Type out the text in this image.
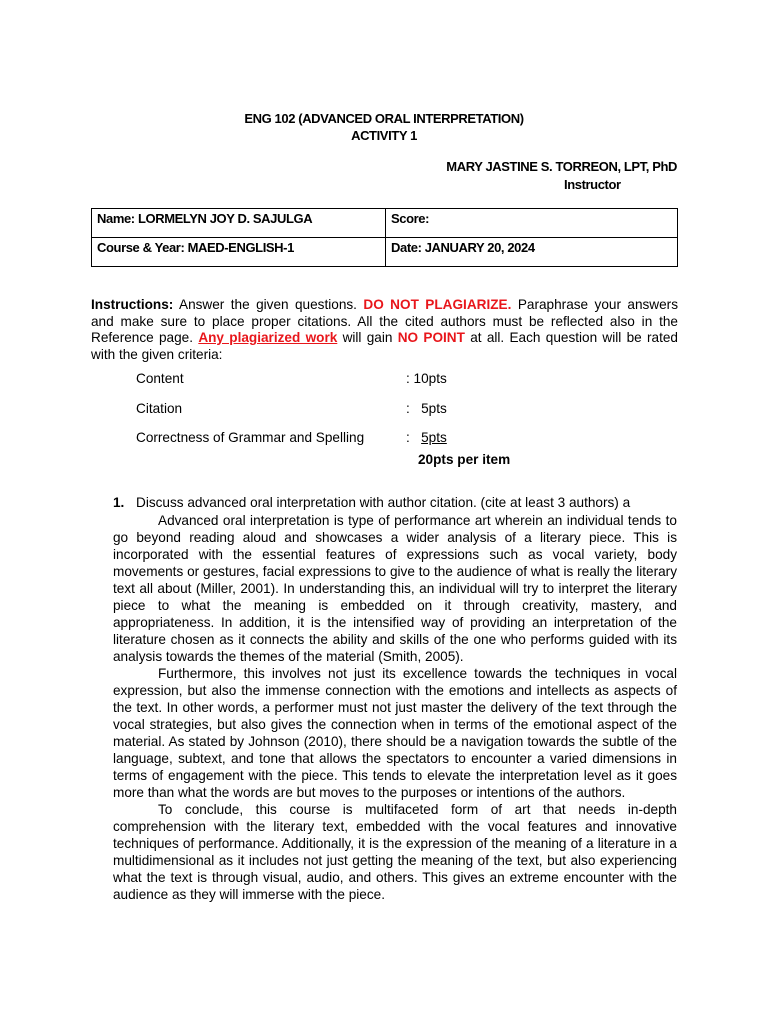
ENG 102 (ADVANCED ORAL INTERPRETATION)
ACTIVITY 1
MARY JASTINE S. TORREON, LPT, PhD
Instructor
Name: LORMELYN JOY D. SAJULGA	Score:
Course & Year: MAED-ENGLISH-1	Date: JANUARY 20, 2024
Instructions: Answer the given questions. DO NOT PLAGIARIZE. Paraphrase your answers and make sure to place proper citations. All the cited authors must be reflected also in the Reference page. Any plagiarized work will gain NO POINT at all. Each question will be rated with the given criteria:
Content	: 10pts
Citation	:   5pts
Correctness of Grammar and Spelling	:   5pts
20pts per item
1. Discuss advanced oral interpretation with author citation. (cite at least 3 authors) a

Advanced oral interpretation is type of performance art wherein an individual tends to go beyond reading aloud and showcases a wider analysis of a literary piece. This is incorporated with the essential features of expressions such as vocal variety, body movements or gestures, facial expressions to give to the audience of what is really the literary text all about (Miller, 2001). In understanding this, an individual will try to interpret the literary piece to what the meaning is embedded on it through creativity, mastery, and appropriateness. In addition, it is the intensified way of providing an interpretation of the literature chosen as it connects the ability and skills of the one who performs guided with its analysis towards the themes of the material (Smith, 2005).

Furthermore, this involves not just its excellence towards the techniques in vocal expression, but also the immense connection with the emotions and intellects as aspects of the text. In other words, a performer must not just master the delivery of the text through the vocal strategies, but also gives the connection when in terms of the emotional aspect of the material. As stated by Johnson (2010), there should be a navigation towards the subtle of the language, subtext, and tone that allows the spectators to encounter a varied dimensions in terms of engagement with the piece. This tends to elevate the interpretation level as it goes more than what the words are but moves to the purposes or intentions of the authors.

To conclude, this course is multifaceted form of art that needs in-depth comprehension with the literary text, embedded with the vocal features and innovative techniques of performance. Additionally, it is the expression of the meaning of a literature in a multidimensional as it includes not just getting the meaning of the text, but also experiencing what the text is through visual, audio, and others. This gives an extreme encounter with the audience as they will immerse with the piece.
